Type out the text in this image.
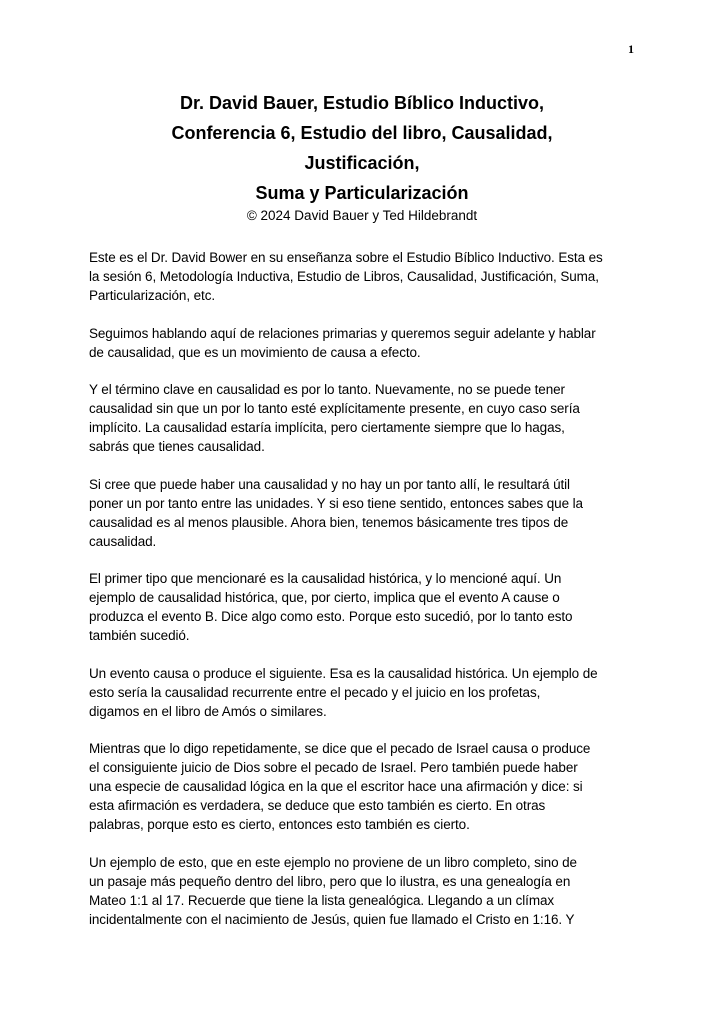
1
Dr. David Bauer, Estudio Bíblico Inductivo,
Conferencia 6, Estudio del libro, Causalidad,
Justificación,
Suma y Particularización
© 2024 David Bauer y Ted Hildebrandt
Este es el Dr. David Bower en su enseñanza sobre el Estudio Bíblico Inductivo. Esta es
la sesión 6, Metodología Inductiva, Estudio de Libros, Causalidad, Justificación, Suma,
Particularización, etc.
Seguimos hablando aquí de relaciones primarias y queremos seguir adelante y hablar
de causalidad, que es un movimiento de causa a efecto.
Y el término clave en causalidad es por lo tanto. Nuevamente, no se puede tener
causalidad sin que un por lo tanto esté explícitamente presente, en cuyo caso sería
implícito. La causalidad estaría implícita, pero ciertamente siempre que lo hagas,
sabrás que tienes causalidad.
Si cree que puede haber una causalidad y no hay un por tanto allí, le resultará útil
poner un por tanto entre las unidades. Y si eso tiene sentido, entonces sabes que la
causalidad es al menos plausible. Ahora bien, tenemos básicamente tres tipos de
causalidad.
El primer tipo que mencionaré es la causalidad histórica, y lo mencioné aquí. Un
ejemplo de causalidad histórica, que, por cierto, implica que el evento A cause o
produzca el evento B. Dice algo como esto. Porque esto sucedió, por lo tanto esto
también sucedió.
Un evento causa o produce el siguiente. Esa es la causalidad histórica. Un ejemplo de
esto sería la causalidad recurrente entre el pecado y el juicio en los profetas,
digamos en el libro de Amós o similares.
Mientras que lo digo repetidamente, se dice que el pecado de Israel causa o produce
el consiguiente juicio de Dios sobre el pecado de Israel. Pero también puede haber
una especie de causalidad lógica en la que el escritor hace una afirmación y dice: si
esta afirmación es verdadera, se deduce que esto también es cierto. En otras
palabras, porque esto es cierto, entonces esto también es cierto.
Un ejemplo de esto, que en este ejemplo no proviene de un libro completo, sino de
un pasaje más pequeño dentro del libro, pero que lo ilustra, es una genealogía en
Mateo 1:1 al 17. Recuerde que tiene la lista genealógica. Llegando a un clímax
incidentalmente con el nacimiento de Jesús, quien fue llamado el Cristo en 1:16. Y
